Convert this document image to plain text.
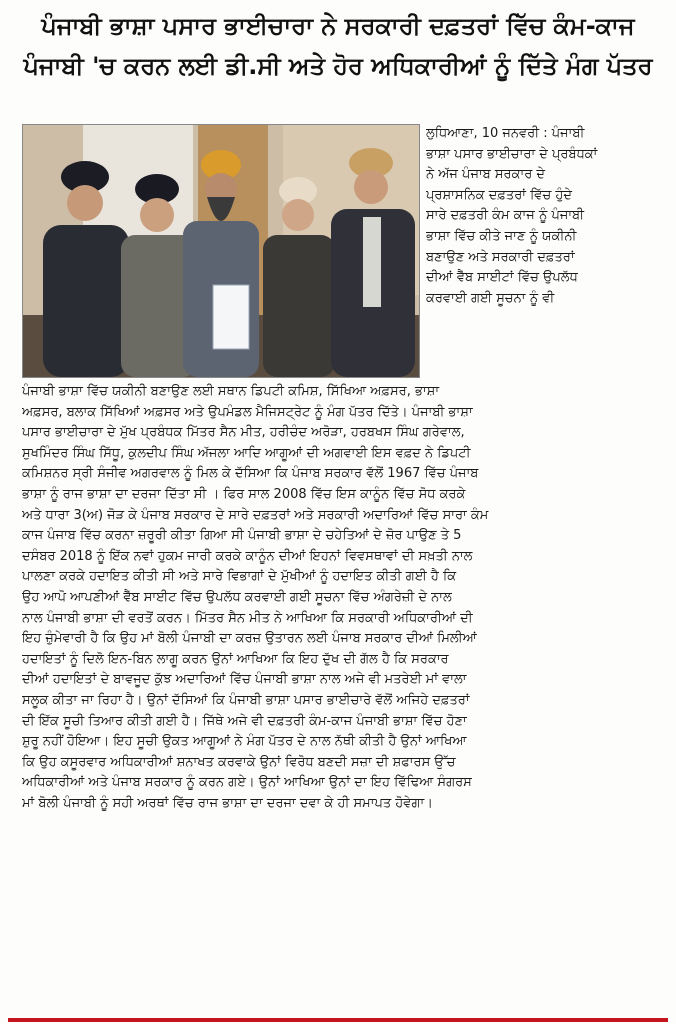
ਪੰਜਾਬੀ ਭਾਸ਼ਾ ਪਸਾਰ ਭਾਈਚਾਰਾ ਨੇ ਸਰਕਾਰੀ ਦਫ਼ਤਰਾਂ ਵਿੱਚ ਕੰਮ-ਕਾਜ
ਪੰਜਾਬੀ 'ਚ ਕਰਨ ਲਈ ਡੀ.ਸੀ ਅਤੇ ਹੋਰ ਅਧਿਕਾਰੀਆਂ ਨੂੰ ਦਿੱਤੇ ਮੰਗ ਪੱਤਰ
ਲੁਧਿਆਣਾ, 10 ਜਨਵਰੀ : ਪੰਜਾਬੀ
ਭਾਸ਼ਾ ਪਸਾਰ ਭਾਈਚਾਰਾ ਦੇ ਪ੍ਰਬੰਧਕਾਂ
ਨੇ ਅੱਜ ਪੰਜਾਬ ਸਰਕਾਰ ਦੇ
ਪ੍ਰਸ਼ਾਸਨਿਕ ਦਫ਼ਤਰਾਂ ਵਿੱਚ ਹੁੰਦੇ
ਸਾਰੇ ਦਫ਼ਤਰੀ ਕੰਮ ਕਾਜ ਨੂੰ ਪੰਜਾਬੀ
ਭਾਸ਼ਾ ਵਿੱਚ ਕੀਤੇ ਜਾਣ ਨੂੰ ਯਕੀਨੀ
ਬਣਾਉਣ ਅਤੇ ਸਰਕਾਰੀ ਦਫ਼ਤਰਾਂ
ਦੀਆਂ ਵੈੱਬ ਸਾਈਟਾਂ ਵਿੱਚ ਉਪਲੱਧ
ਕਰਵਾਈ ਗਈ ਸੂਚਨਾ ਨੂੰ ਵੀ
ਪੰਜਾਬੀ ਭਾਸ਼ਾ ਵਿੱਚ ਯਕੀਨੀ ਬਣਾਉਣ ਲਈ ਸਥਾਨ ਡਿਪਟੀ ਕਮਿਸ਼, ਸਿੱਖਿਆ ਅਫ਼ਸਰ, ਭਾਸ਼ਾ
ਅਫ਼ਸਰ, ਬਲਾਕ ਸਿੱਖਿਆਂ ਅਫ਼ਸਰ ਅਤੇ ਉਪਮੰਡਲ ਮੈਜਿਸਟ੍ਰੇਟ ਨੂੰ ਮੰਗ ਪੱਤਰ ਦਿੱਤੇ। ਪੰਜਾਬੀ ਭਾਸ਼ਾ
ਪਸਾਰ ਭਾਈਚਾਰਾ ਦੇ ਮੁੱਖ ਪ੍ਰਬੰਧਕ ਮਿੱਤਰ ਸੈਨ ਮੀਤ, ਹਰੀਚੰਦ ਅਰੋੜਾ, ਹਰਬਖਸ ਸਿੰਘ ਗਰੇਵਾਲ,
ਸੁਖਮਿੰਦਰ ਸਿੰਘ ਸਿੱਧੂ, ਕੁਲਦੀਪ ਸਿੰਘ ਅੱਜਲਾ ਆਦਿ ਆਗੂਆਂ ਦੀ ਅਗਵਾਈ ਇਸ ਵਫ਼ਦ ਨੇ ਡਿਪਟੀ
ਕਮਿਸ਼ਨਰ ਸ੍ਰੀ ਸੰਜੀਵ ਅਗਰਵਾਲ ਨੂੰ ਮਿਲ ਕੇ ਦੱਸਿਆ ਕਿ ਪੰਜਾਬ ਸਰਕਾਰ ਵੱਲੋਂ 1967 ਵਿੱਚ ਪੰਜਾਬ
ਭਾਸ਼ਾ ਨੂੰ ਰਾਜ ਭਾਸ਼ਾ ਦਾ ਦਰਜਾ ਦਿੱਤਾ ਸੀ । ਫਿਰ ਸਾਲ 2008 ਵਿੱਚ ਇਸ ਕਾਨੂੰਨ ਵਿੱਚ ਸੋਧ ਕਰਕੇ
ਅਤੇ ਧਾਰਾ 3(ਅ) ਜੋੜ ਕੇ ਪੰਜਾਬ ਸਰਕਾਰ ਦੇ ਸਾਰੇ ਦਫ਼ਤਰਾਂ ਅਤੇ ਸਰਕਾਰੀ ਅਦਾਰਿਆਂ ਵਿੱਚ ਸਾਰਾ ਕੰਮ
ਕਾਜ ਪੰਜਾਬ ਵਿੱਚ ਕਰਨਾ ਜ਼ਰੂਰੀ ਕੀਤਾ ਗਿਆ ਸੀ ਪੰਜਾਬੀ ਭਾਸ਼ਾ ਦੇ ਚਹੇਤਿਆਂ ਦੇ ਜ਼ੋਰ ਪਾਉਣ ਤੇ 5
ਦਸੰਬਰ 2018 ਨੂੰ ਇੱਕ ਨਵਾਂ ਹੁਕਮ ਜਾਰੀ ਕਰਕੇ ਕਾਨੂੰਨ ਦੀਆਂ ਇਹਨਾਂ ਵਿਵਸਥਾਵਾਂ ਦੀ ਸਖ਼ਤੀ ਨਾਲ
ਪਾਲਣਾ ਕਰਕੇ ਹਦਾਇਤ ਕੀਤੀ ਸੀ ਅਤੇ ਸਾਰੇ ਵਿਭਾਗਾਂ ਦੇ ਮੁੱਖੀਆਂ ਨੂੰ ਹਦਾਇਤ ਕੀਤੀ ਗਈ ਹੈ ਕਿ
ਉਹ ਆਪੋ ਆਪਣੀਆਂ ਵੈੱਬ ਸਾਈਟ ਵਿੱਚ ਉਪਲੱਧ ਕਰਵਾਈ ਗਈ ਸੂਚਨਾ ਵਿੱਚ ਅੰਗਰੇਜ਼ੀ ਦੇ ਨਾਲ
ਨਾਲ ਪੰਜਾਬੀ ਭਾਸ਼ਾ ਦੀ ਵਰਤੋਂ ਕਰਨ। ਮਿੱਤਰ ਸੈਨ ਮੀਤ ਨੇ ਆਖਿਆ ਕਿ ਸਰਕਾਰੀ ਅਧਿਕਾਰੀਆਂ ਦੀ
ਇਹ ਜ਼ੁੰਮੇਵਾਰੀ ਹੈ ਕਿ ਉਹ ਮਾਂ ਬੋਲੀ ਪੰਜਾਬੀ ਦਾ ਕਰਜ਼ ਉਤਾਰਨ ਲਈ ਪੰਜਾਬ ਸਰਕਾਰ ਦੀਆਂ ਮਿਲੀਆਂ
ਹਦਾਇਤਾਂ ਨੂੰ ਦਿਲੋ ਇਨ-ਬਿਨ ਲਾਗੂ ਕਰਨ ਉਨਾਂ ਆਖਿਆ ਕਿ ਇਹ ਦੁੱਖ ਦੀ ਗੱਲ ਹੈ ਕਿ ਸਰਕਾਰ
ਦੀਆਂ ਹਦਾਇਤਾਂ ਦੇ ਬਾਵਜੂਦ ਕੁੱਝ ਅਦਾਰਿਆਂ ਵਿੱਚ ਪੰਜਾਬੀ ਭਾਸ਼ਾ ਨਾਲ ਅਜੇ ਵੀ ਮਤਰੇਈ ਮਾਂ ਵਾਲਾ
ਸਲੂਕ ਕੀਤਾ ਜਾ ਰਿਹਾ ਹੈ। ਉਨਾਂ ਦੱਸਿਆਂ ਕਿ ਪੰਜਾਬੀ ਭਾਸ਼ਾ ਪਸਾਰ ਭਾਈਚਾਰੇ ਵੱਲੋਂ ਅਜਿਹੇ ਦਫ਼ਤਰਾਂ
ਦੀ ਇੱਕ ਸੂਚੀ ਤਿਆਰ ਕੀਤੀ ਗਈ ਹੈ। ਜਿੱਥੇ ਅਜੇ ਵੀ ਦਫ਼ਤਰੀ ਕੰਮ-ਕਾਜ ਪੰਜਾਬੀ ਭਾਸ਼ਾ ਵਿੱਚ ਹੋਣਾ
ਸ਼ੁਰੂ ਨਹੀਂ ਹੋਇਆ। ਇਹ ਸੂਚੀ ਉਕਤ ਆਗੂਆਂ ਨੇ ਮੰਗ ਪੱਤਰ ਦੇ ਨਾਲ ਨੱਥੀ ਕੀਤੀ ਹੈ ਉਨਾਂ ਆਖਿਆ
ਕਿ ਉਹ ਕਸੂਰਵਾਰ ਅਧਿਕਾਰੀਆਂ ਸ਼ਨਾਖਤ ਕਰਵਾਕੇ ਉਨਾਂ ਵਿਰੋਧ ਬਣਦੀ ਸਜ਼ਾ ਦੀ ਸ਼ਫਾਰਸ ਉੱਚ
ਅਧਿਕਾਰੀਆਂ ਅਤੇ ਪੰਜਾਬ ਸਰਕਾਰ ਨੂੰ ਕਰਨ ਗਏ। ਉਨਾਂ ਆਖਿਆ ਉਨਾਂ ਦਾ ਇਹ ਵਿੱਢਿਆ ਸੰਗਰਸ
ਮਾਂ ਬੋਲੀ ਪੰਜਾਬੀ ਨੂੰ ਸਹੀ ਅਰਥਾਂ ਵਿੱਚ ਰਾਜ ਭਾਸ਼ਾ ਦਾ ਦਰਜਾ ਦਵਾ ਕੇ ਹੀ ਸਮਾਪਤ ਹੋਵੇਗਾ।
